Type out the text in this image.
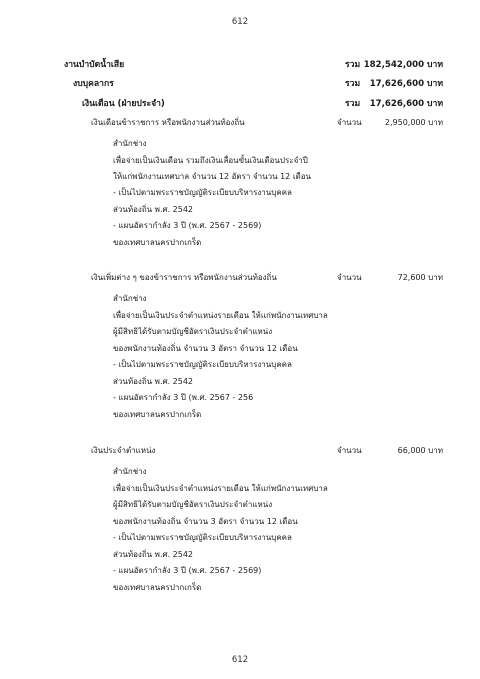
612
612
งานบำบัดน้ำเสีย	รวม 182,542,000 บาท
งบบุคลากร	รวม	17,626,600 บาท
เงินเดือน (ฝ่ายประจำ)	รวม	17,626,600 บาท
เงินเดือนข้าราชการ หรือพนักงานส่วนท้องถิ่น	จำนวน	2,950,000 บาท
สำนักช่าง
เพื่อจ่ายเป็นเงินเดือน รวมถึงเงินเลื่อนขั้นเงินเดือนประจำปี
ให้แก่พนักงานเทศบาล จำนวน 12 อัตรา จำนวน 12 เดือน
- เป็นไปตามพระราชบัญญัติระเบียบบริหารงานบุคคล
ส่วนท้องถิ่น พ.ศ. 2542
- แผนอัตรากำลัง 3 ปี (พ.ศ. 2567 - 2569)
ของเทศบาลนครปากเกร็ด
เงินเพิ่มต่าง ๆ ของข้าราชการ หรือพนักงานส่วนท้องถิ่น	จำนวน	72,600 บาท
สำนักช่าง
เพื่อจ่ายเป็นเงินประจำตำแหน่งรายเดือน ให้แก่พนักงานเทศบาล
ผู้มีสิทธิได้รับตามบัญชีอัตราเงินประจำตำแหน่ง
ของพนักงานท้องถิ่น จำนวน 3 อัตรา จำนวน 12 เดือน
- เป็นไปตามพระราชบัญญัติระเบียบบริหารงานบุคคล
ส่วนท้องถิ่น พ.ศ. 2542
- แผนอัตรากำลัง 3 ปี (พ.ศ. 2567 - 256
ของเทศบาลนครปากเกร็ด
เงินประจำตำแหน่ง	จำนวน	66,000 บาท
สำนักช่าง
เพื่อจ่ายเป็นเงินประจำตำแหน่งรายเดือน ให้แก่พนักงานเทศบาล
ผู้มีสิทธิได้รับตามบัญชีอัตราเงินประจำตำแหน่ง
ของพนักงานท้องถิ่น จำนวน 3 อัตรา จำนวน 12 เดือน
- เป็นไปตามพระราชบัญญัติระเบียบบริหารงานบุคคล
ส่วนท้องถิ่น พ.ศ. 2542
- แผนอัตรากำลัง 3 ปี (พ.ศ. 2567 - 2569)
ของเทศบาลนครปากเกร็ด
